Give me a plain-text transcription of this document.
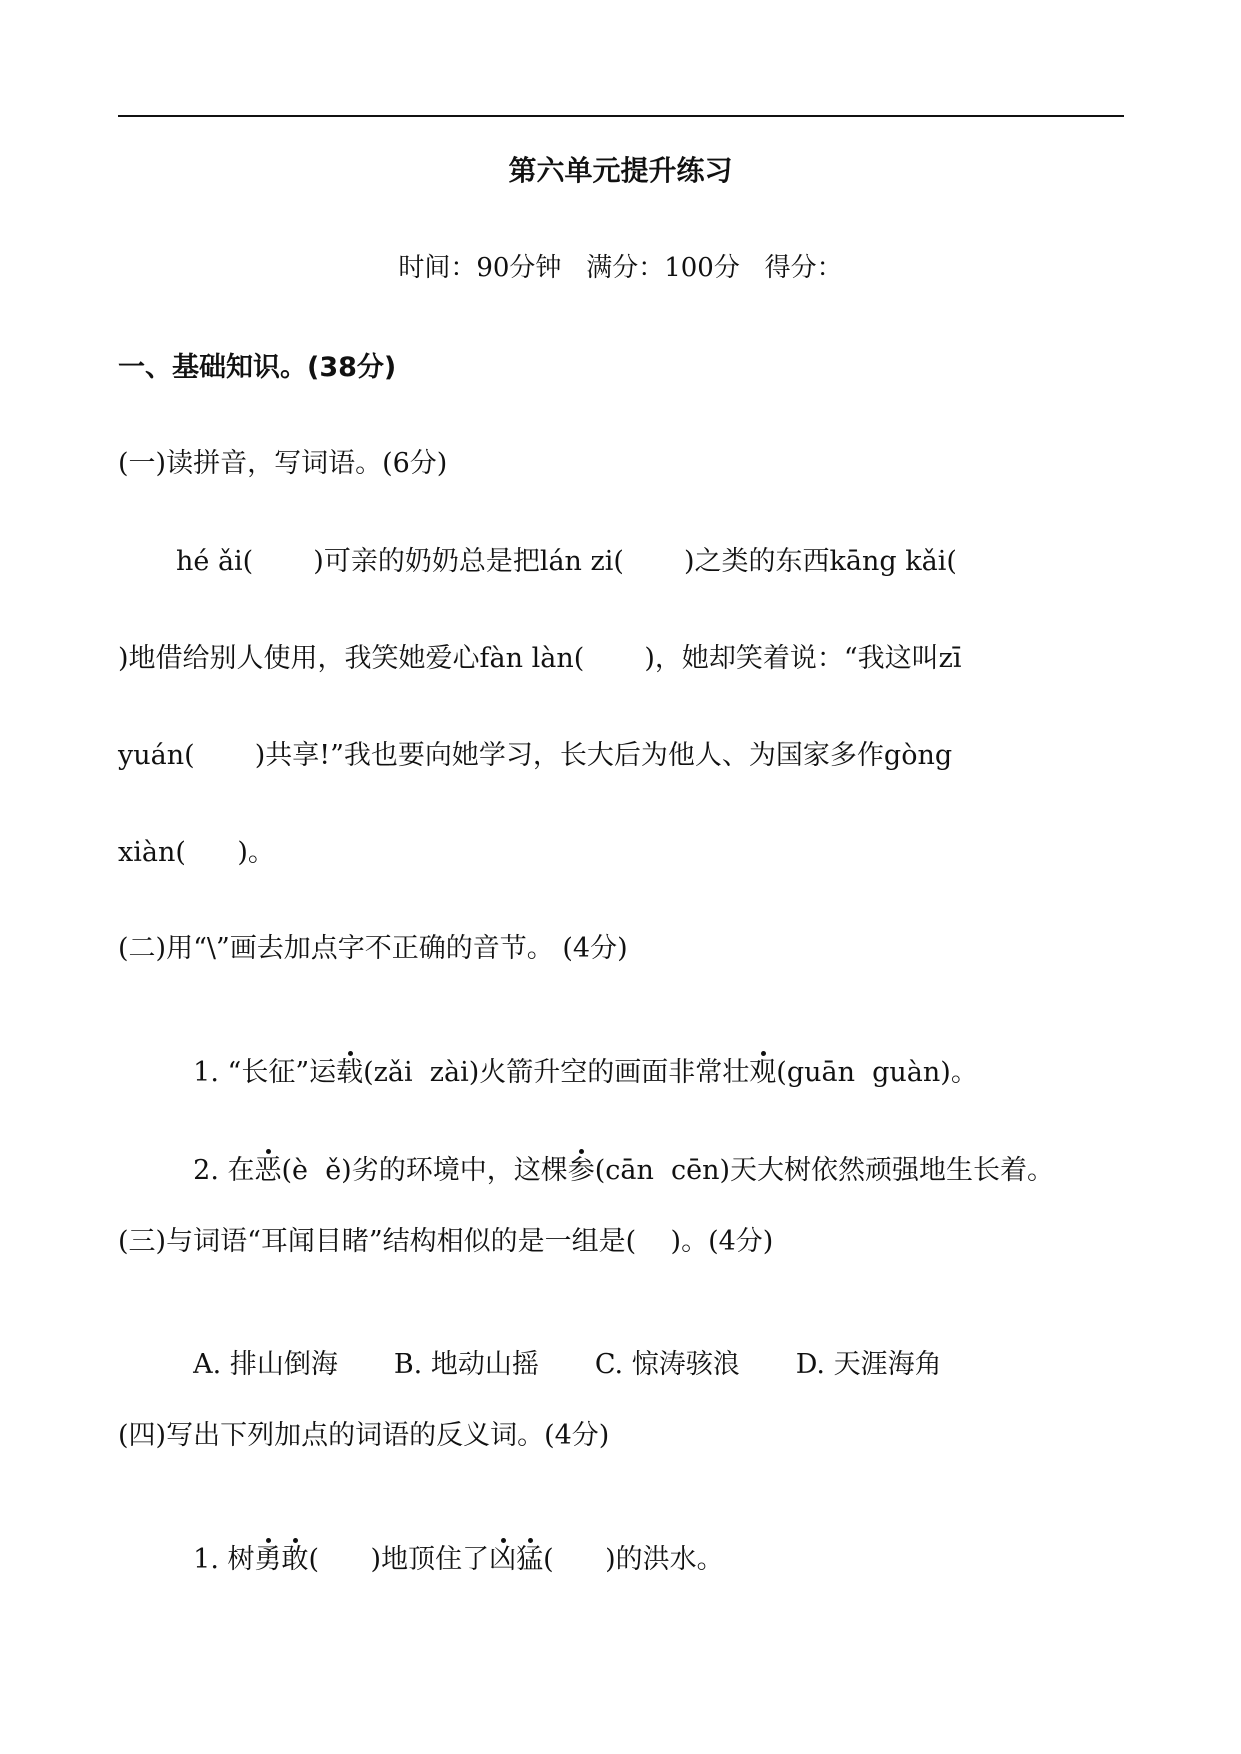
第六单元提升练习
时间：90分钟   满分：100分   得分：
一、基础知识。(38分)
(一)读拼音，写词语。(6分)
hé ǎi(       )可亲的奶奶总是把lán zi(       )之类的东西kāng kǎi(
)地借给别人使用，我笑她爱心fàn làn(       )，她却笑着说：“我这叫zī
yuán(       )共享!”我也要向她学习，长大后为他人、为国家多作gòng
xiàn(      )。
(二)用“\”画去加点字不正确的音节。 (4分)

1. “长征”运载(zǎi  zài)火箭升空的画面非常壮观(guān  guàn)。

2. 在恶(è  ě)劣的环境中，这棵参(cān  cēn)天大树依然顽强地生长着。

(三)与词语“耳闻目睹”结构相似的是一组是(    )。(4分)

A. 排山倒海 B. 地动山摇 C. 惊涛骇浪 D. 天涯海角

(四)写出下列加点的词语的反义词。(4分)

1. 树勇敢(      )地顶住了凶猛(      )的洪水。
